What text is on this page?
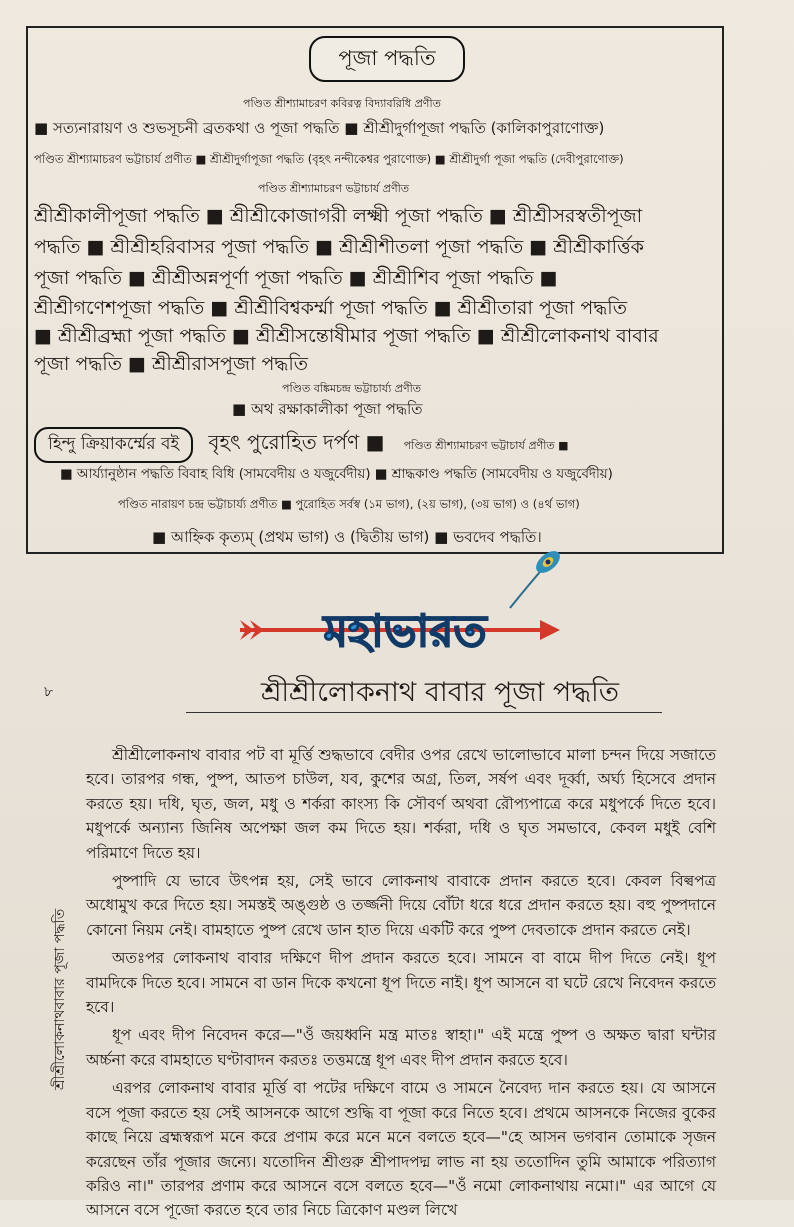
পূজা পদ্ধতি
পণ্ডিত শ্রীশ্যামাচরণ কবিরত্ন বিদ্যাবরিধি প্রণীত
■ সত্যনারায়ণ ও শুভসূচনী ব্রতকথা ও পূজা পদ্ধতি ■ শ্রীশ্রীদুর্গাপূজা পদ্ধতি (কালিকাপুরাণোক্ত)
পণ্ডিত শ্রীশ্যামাচরণ ভট্টাচার্য প্রণীত ■ শ্রীশ্রীদুর্গাপূজা পদ্ধতি (বৃহৎ নন্দীকেশ্বর পুরাণোক্ত) ■ শ্রীশ্রীদুর্গা পূজা পদ্ধতি (দেবীপুরাণোক্ত)
পণ্ডিত শ্রীশ্যামাচরণ ভট্টাচার্য প্রণীত
শ্রীশ্রীকালীপূজা পদ্ধতি ■ শ্রীশ্রীকোজাগরী লক্ষ্মী পূজা পদ্ধতি ■ শ্রীশ্রীসরস্বতীপূজা
পদ্ধতি ■ শ্রীশ্রীহরিবাসর পূজা পদ্ধতি ■ শ্রীশ্রীশীতলা পূজা পদ্ধতি ■ শ্রীশ্রীকার্ত্তিক
পূজা পদ্ধতি ■ শ্রীশ্রীঅন্নপূর্ণা পূজা পদ্ধতি ■ শ্রীশ্রীশিব পূজা পদ্ধতি ■
শ্রীশ্রীগণেশপূজা পদ্ধতি ■ শ্রীশ্রীবিশ্বকর্ম্মা পূজা পদ্ধতি ■ শ্রীশ্রীতারা পূজা পদ্ধতি
■ শ্রীশ্রীব্রহ্মা পূজা পদ্ধতি ■ শ্রীশ্রীসন্তোষীমার পূজা পদ্ধতি ■ শ্রীশ্রীলোকনাথ বাবার
পূজা পদ্ধতি ■ শ্রীশ্রীরাসপূজা পদ্ধতি
পণ্ডিত বঙ্কিমচন্দ্র ভট্টাচার্য্য প্রণীত
■ অথ রক্ষাকালীকা পূজা পদ্ধতি
হিন্দু ক্রিয়াকর্ম্মের বই বৃহৎ পুরোহিত দর্পণ ■ পণ্ডিত শ্রীশ্যামাচরণ ভট্টাচার্য প্রণীত ■
■ আর্য্যানুষ্ঠান পদ্ধতি বিবাহ বিধি (সামবেদীয় ও যজুর্বেদীয়) ■ শ্রাদ্ধকাণ্ড পদ্ধতি (সামবেদীয় ও যজুর্বেদীয়)
পণ্ডিত নারায়ণ চন্দ্র ভট্টাচার্য্য প্রণীত ■ পুরোহিত সর্বস্ব (১ম ভাগ), (২য় ভাগ), (৩য় ভাগ) ও (৪র্থ ভাগ)
■ আহ্নিক কৃত্যম্ (প্রথম ভাগ) ও (দ্বিতীয় ভাগ) ■ ভবদেব পদ্ধতি।
মহাভারত
৮	শ্রীশ্রীলোকনাথ বাবার পূজা পদ্ধতি
শ্রীশ্রীলোকনাথবাবার পূজা পদ্ধতি

শ্রীশ্রীলোকনাথ বাবার পট বা মূর্ত্তি শুদ্ধভাবে বেদীর ওপর রেখে ভালোভাবে মালা চন্দন দিয়ে সজাতে হবে। তারপর গন্ধ, পুষ্প, আতপ চাউল, যব, কুশের অগ্র, তিল, সর্ষপ এবং দূর্ব্বা, অর্ঘ্য হিসেবে প্রদান করতে হয়। দধি, ঘৃত, জল, মধু ও শর্করা কাংস্য কি সৌবর্ণ অথবা রৌপ্যপাত্রে করে মধুপর্কে দিতে হবে। মধুপর্কে অন্যান্য জিনিষ অপেক্ষা জল কম দিতে হয়। শর্করা, দধি ও ঘৃত সমভাবে, কেবল মধুই বেশি পরিমাণে দিতে হয়।

পুষ্পাদি যে ভাবে উৎপন্ন হয়, সেই ভাবে লোকনাথ বাবাকে প্রদান করতে হবে। কেবল বিল্বপত্র অধোমুখ করে দিতে হয়। সমস্তই অঙ্গুষ্ঠ ও তর্জ্জনী দিয়ে বোঁটা ধরে ধরে প্রদান করতে হয়। বহু পুষ্পদানে কোনো নিয়ম নেই। বামহাতে পুষ্প রেখে ডান হাত দিয়ে একটি করে পুষ্প দেবতাকে প্রদান করতে নেই।

অতঃপর লোকনাথ বাবার দক্ষিণে দীপ প্রদান করতে হবে। সামনে বা বামে দীপ দিতে নেই। ধূপ বামদিকে দিতে হবে। সামনে বা ডান দিকে কখনো ধূপ দিতে নাই। ধূপ আসনে বা ঘটে রেখে নিবেদন করতে হবে।

ধূপ এবং দীপ নিবেদন করে—"ওঁ জয়ধ্বনি মন্ত্র মাতঃ স্বাহা।" এই মন্ত্রে পুষ্প ও অক্ষত দ্বারা ঘন্টার অর্চ্চনা করে বামহাতে ঘণ্টাবাদন করতঃ তত্তমন্ত্রে ধূপ এবং দীপ প্রদান করতে হবে।

এরপর লোকনাথ বাবার মূর্ত্তি বা পটের দক্ষিণে বামে ও সামনে নৈবেদ্য দান করতে হয়। যে আসনে বসে পূজা করতে হয় সেই আসনকে আগে শুদ্ধি বা পূজা করে নিতে হবে। প্রথমে আসনকে নিজের বুকের কাছে নিয়ে ব্রহ্মস্বরূপ মনে করে প্রণাম করে মনে মনে বলতে হবে—"হে আসন ভগবান তোমাকে সৃজন করেছেন তাঁর পূজার জন্যে। যতোদিন শ্রীগুরু শ্রীপাদপদ্ম লাভ না হয় ততোদিন তুমি আমাকে পরিত্যাগ করিও না।" তারপর প্রণাম করে আসনে বসে বলতে হবে—"ওঁ নমো লোকনাথায় নমো।" এর আগে যে আসনে বসে পূজো করতে হবে তার নিচে ত্রিকোণ মণ্ডল লিখে
